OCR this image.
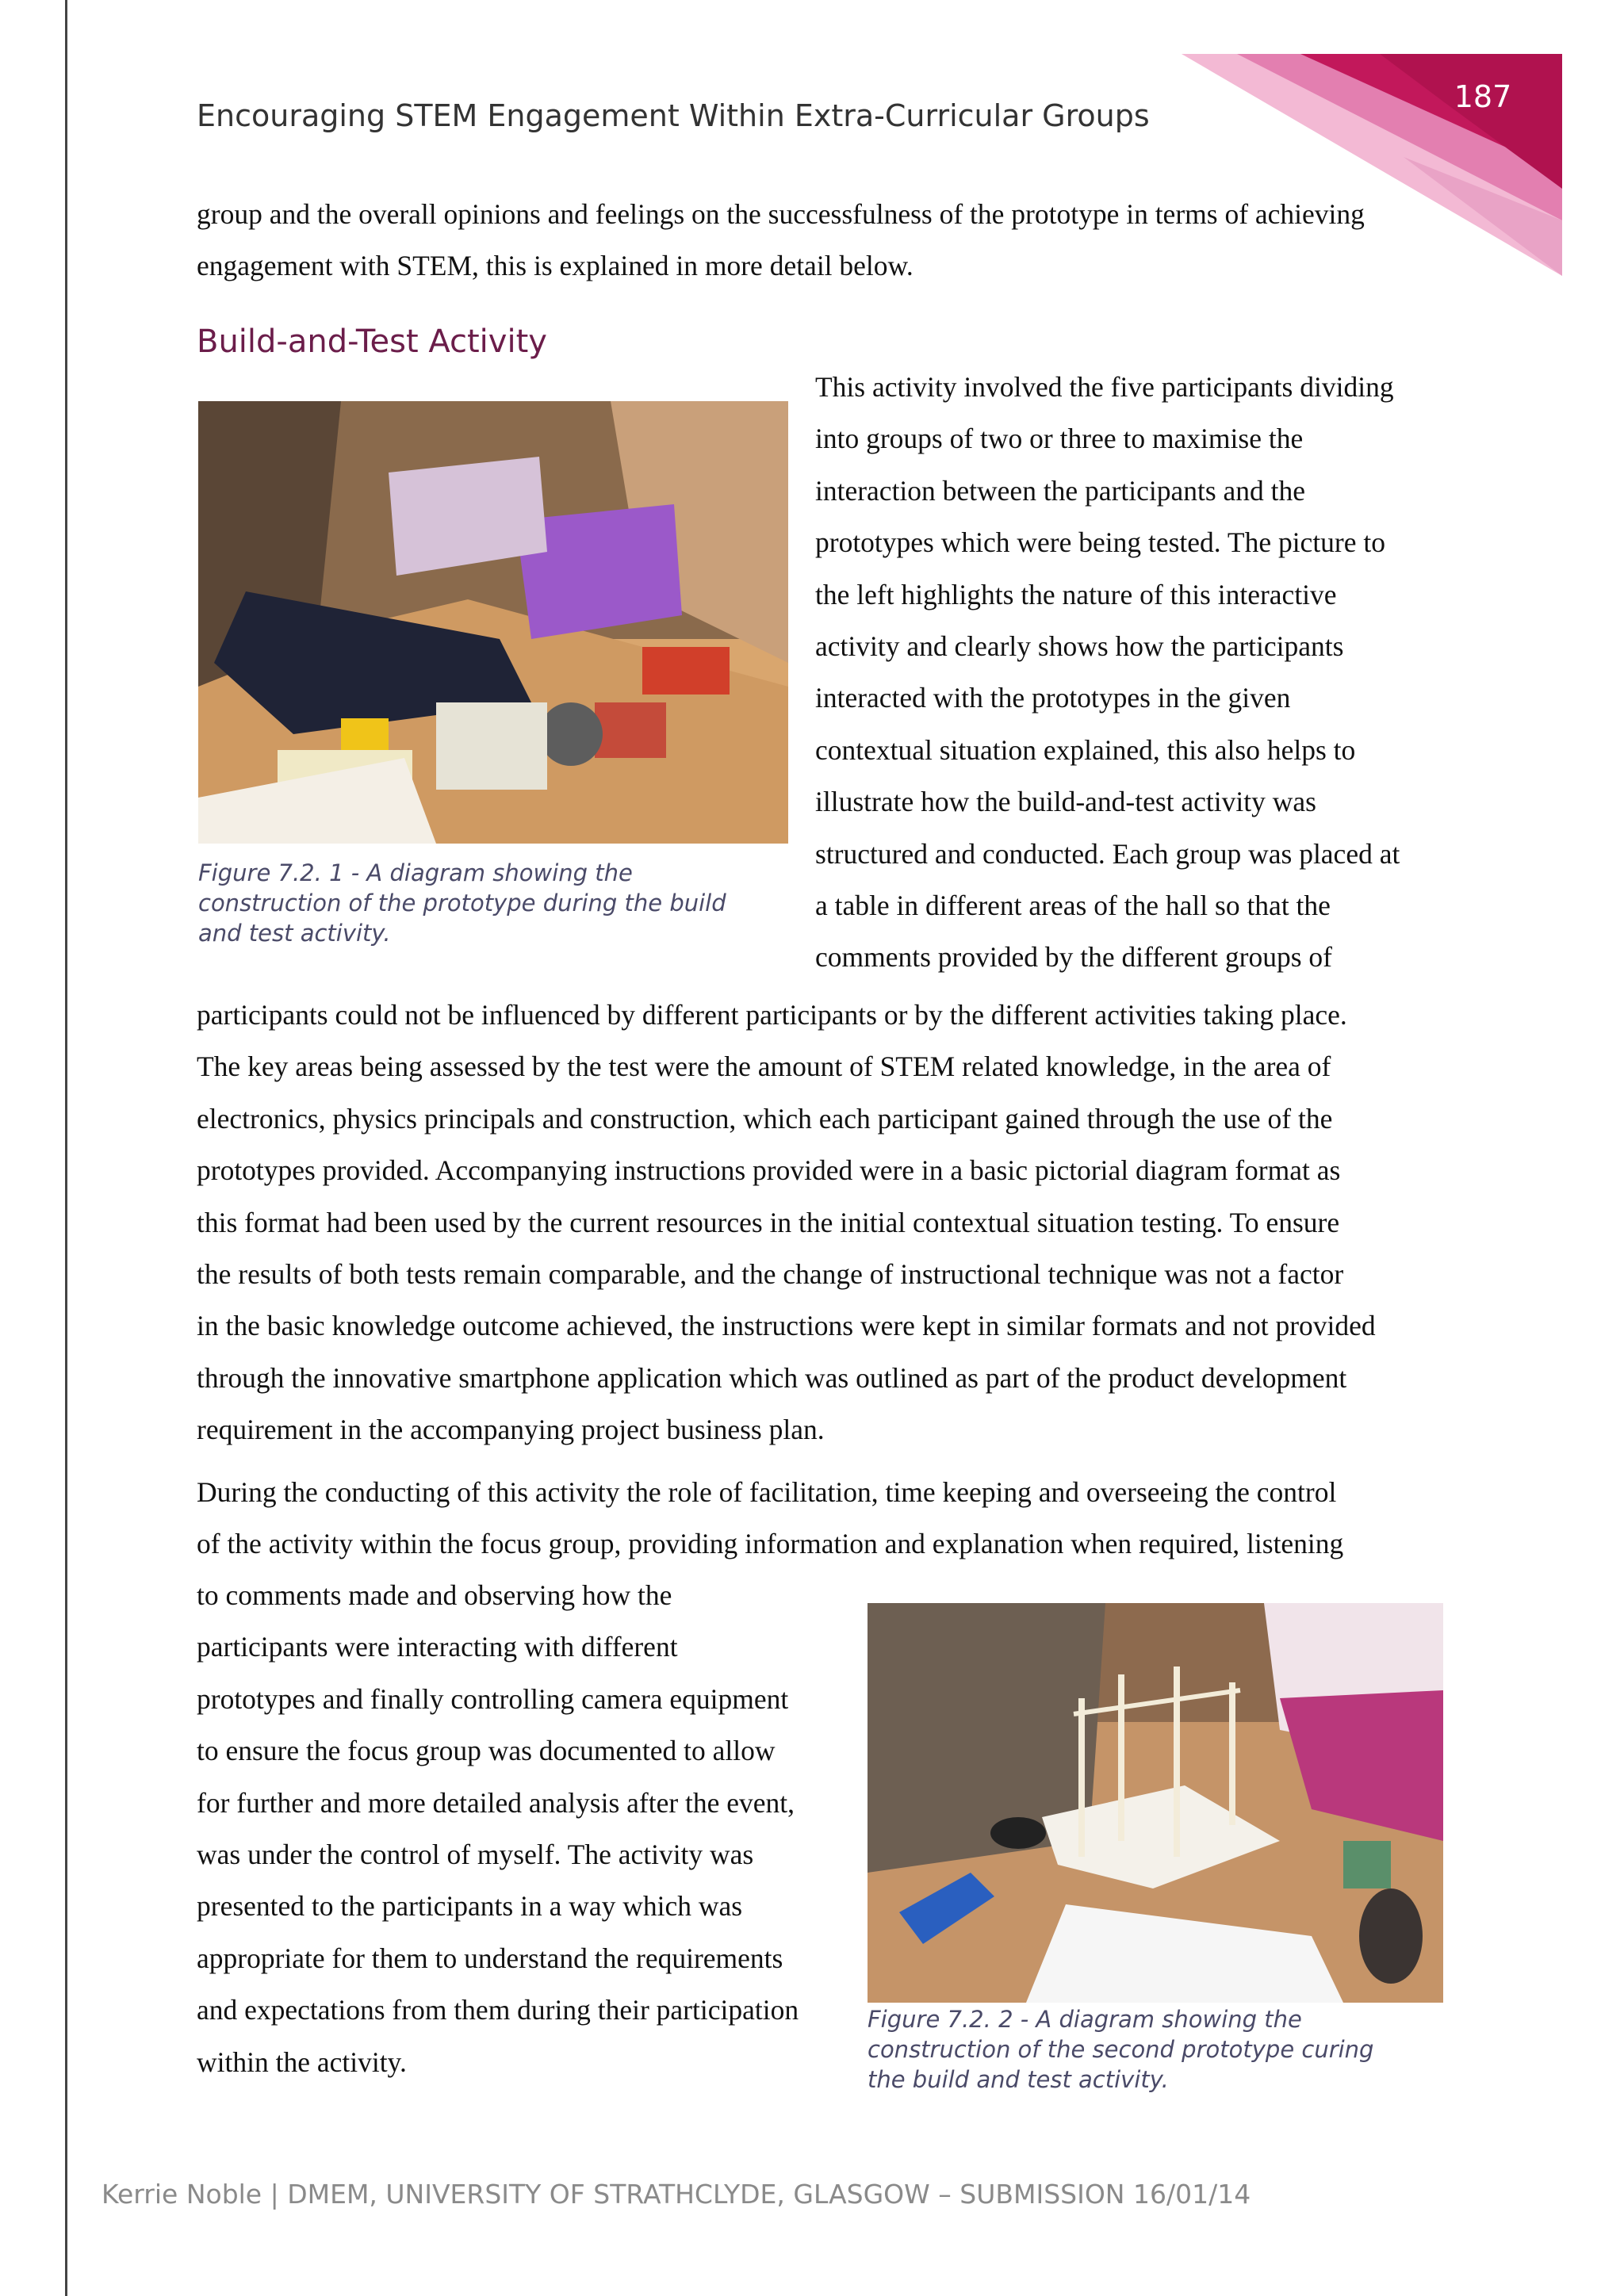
187
Encouraging STEM Engagement Within Extra-Curricular Groups

group and the overall opinions and feelings on the successfulness of the prototype in terms of achieving
engagement with STEM, this is explained in more detail below.

Build-and-Test Activity
Figure 7.2. 1 - A diagram showing the
construction of the prototype during the build
and test activity.

This activity involved the five participants dividing
into groups of two or three to maximise the
interaction between the participants and the
prototypes which were being tested. The picture to
the left highlights the nature of this interactive
activity and clearly shows how the participants
interacted with the prototypes in the given
contextual situation explained, this also helps to
illustrate how the build-and-test activity was
structured and conducted. Each group was placed at
a table in different areas of the hall so that the
comments provided by the different groups of

participants could not be influenced by different participants or by the different activities taking place.
The key areas being assessed by the test were the amount of STEM related knowledge, in the area of
electronics, physics principals and construction, which each participant gained through the use of the
prototypes provided. Accompanying instructions provided were in a basic pictorial diagram format as
this format had been used by the current resources in the initial contextual situation testing. To ensure
the results of both tests remain comparable, and the change of instructional technique was not a factor
in the basic knowledge outcome achieved, the instructions were kept in similar formats and not provided
through the innovative smartphone application which was outlined as part of the product development
requirement in the accompanying project business plan.

During the conducting of this activity the role of facilitation, time keeping and overseeing the control
of the activity within the focus group, providing information and explanation when required, listening

to comments made and observing how the
participants were interacting with different
prototypes and finally controlling camera equipment
to ensure the focus group was documented to allow
for further and more detailed analysis after the event,
was under the control of myself. The activity was
presented to the participants in a way which was
appropriate for them to understand the requirements
and expectations from them during their participation
within the activity.

Figure 7.2. 2 - A diagram showing the
construction of the second prototype curing
the build and test activity.
Kerrie Noble | DMEM, UNIVERSITY OF STRATHCLYDE, GLASGOW – SUBMISSION 16/01/14
